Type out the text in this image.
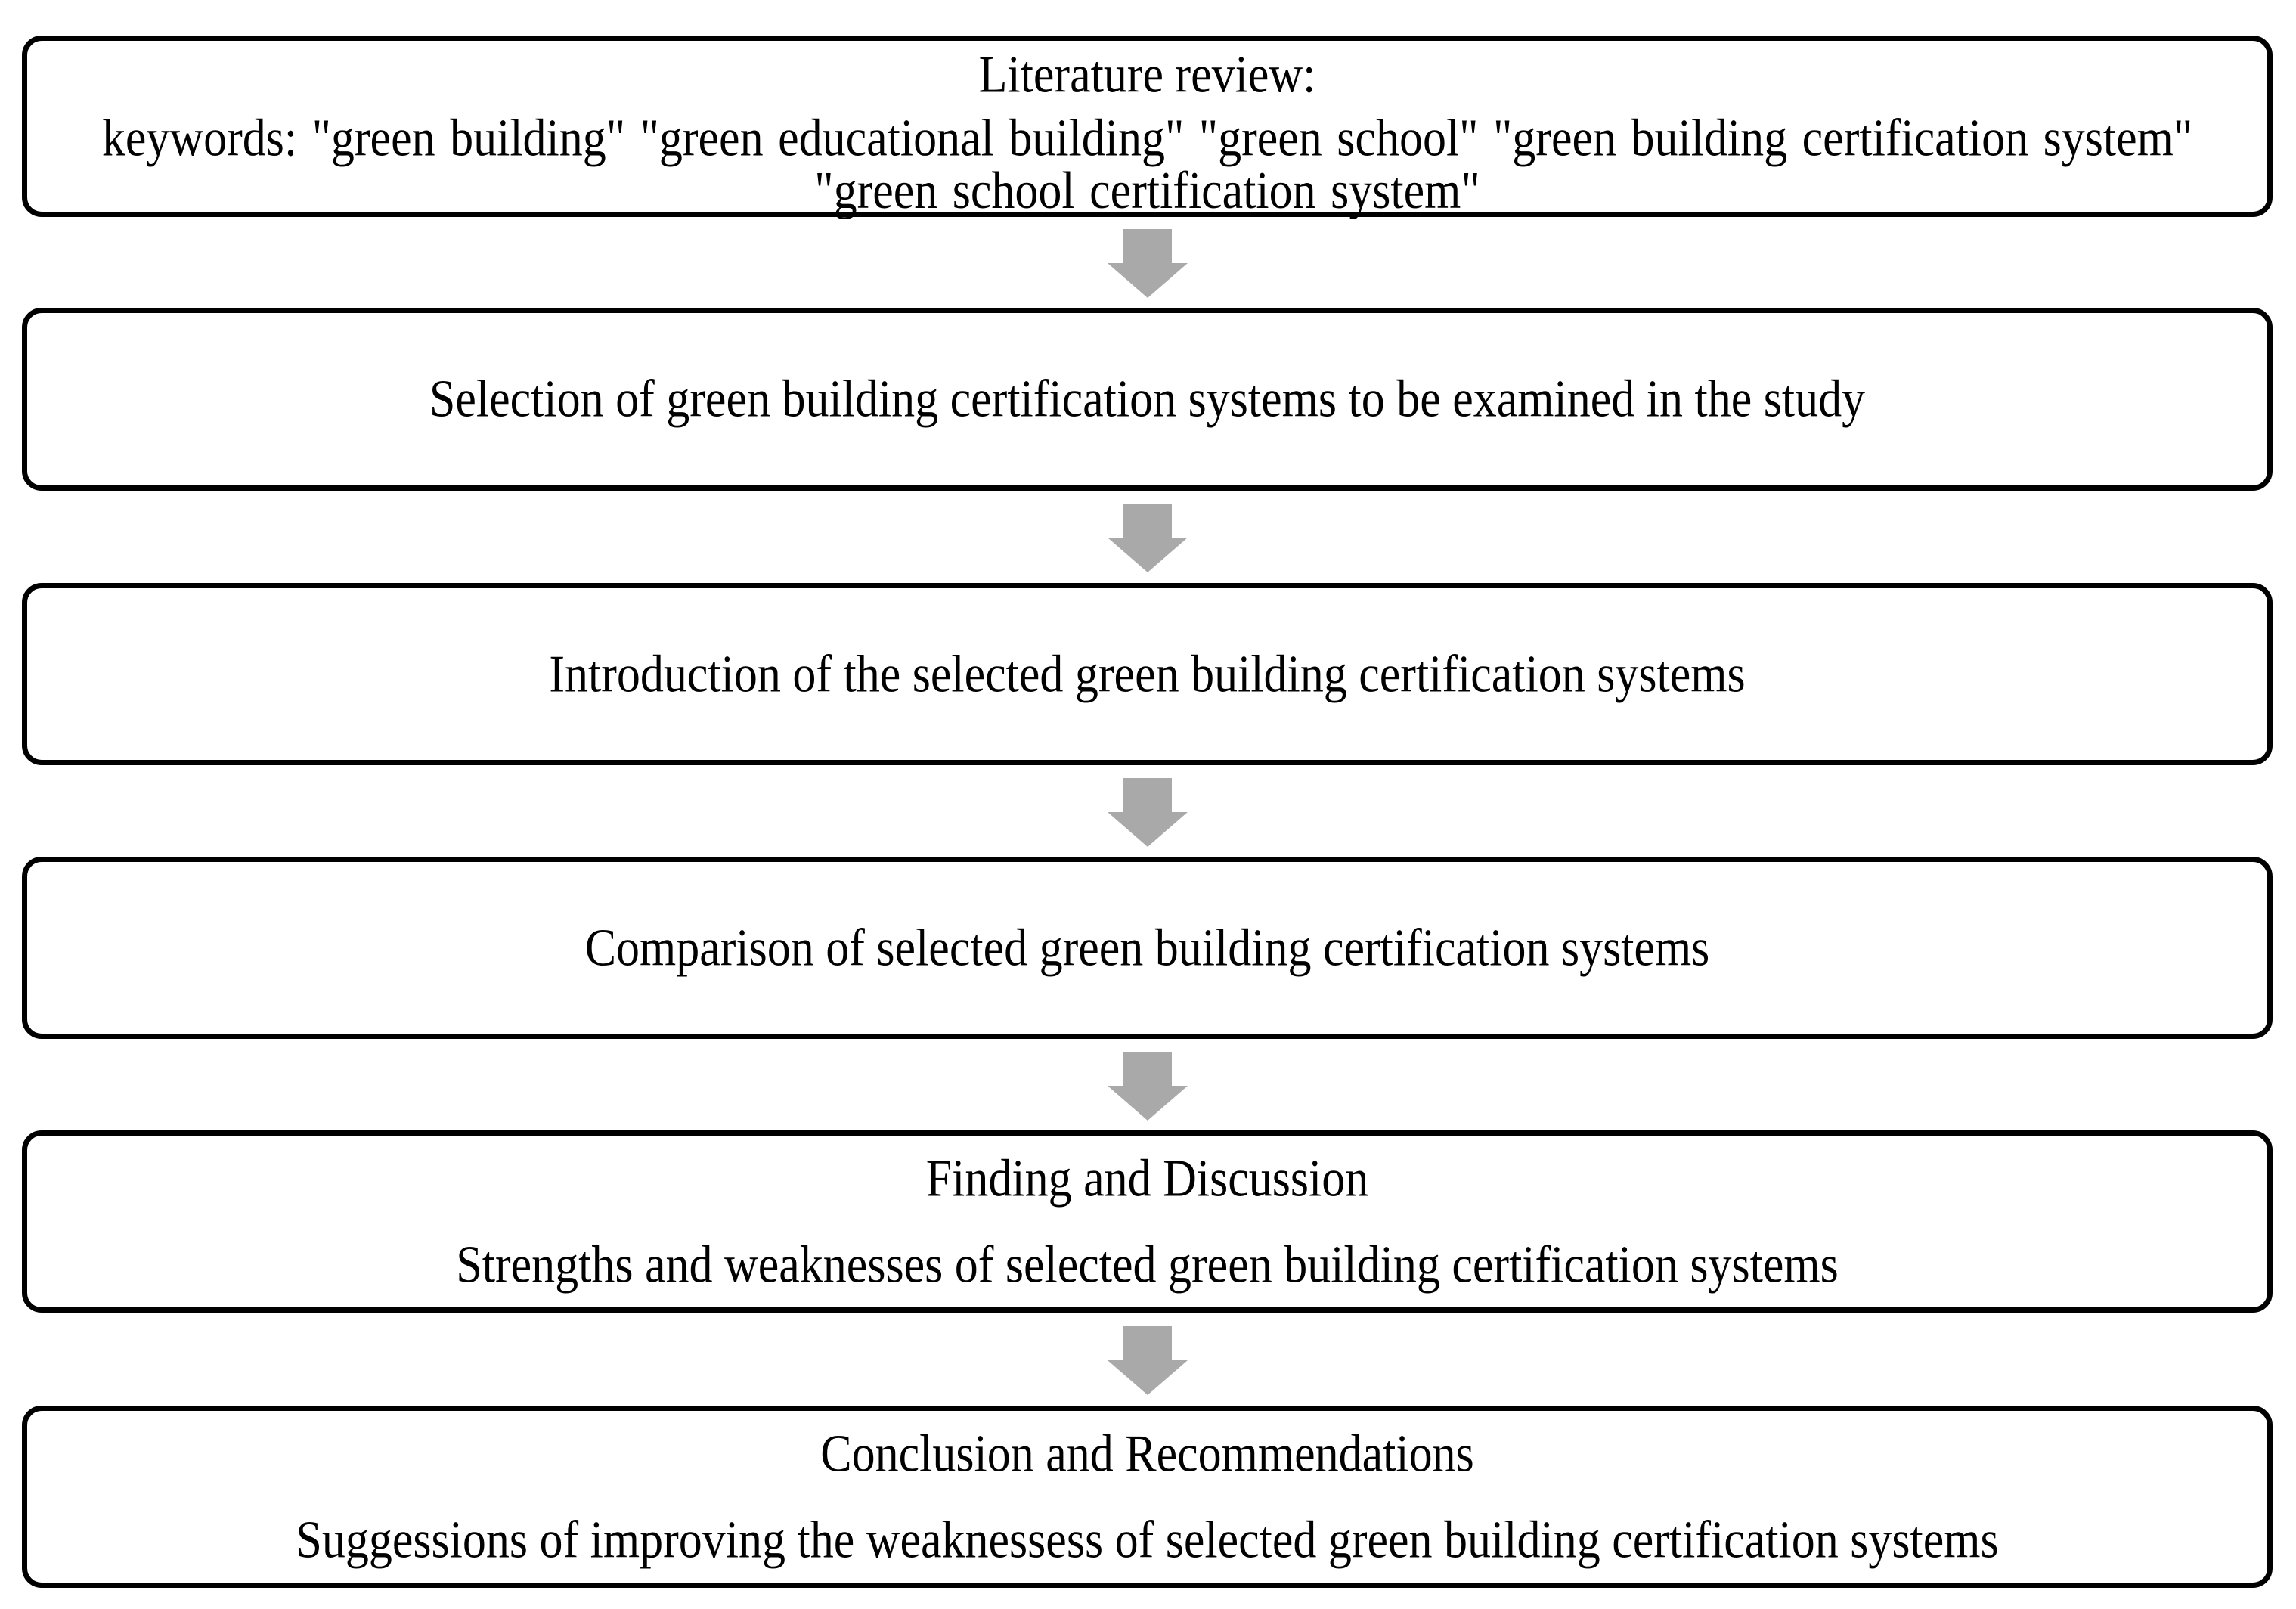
Literature review:
keywords: "green building" "green educational building" "green school" "green building certification system" "green school certification system"
Selection of green building certification systems to be examined in the study
Introduction of the selected green building certification systems
Comparison of selected green building certification systems
Finding and Discussion
Strengths and weaknesses of selected green building certification systems
Conclusion and Recommendations
Suggessions of improving the weaknessess of selected green building certification systems
